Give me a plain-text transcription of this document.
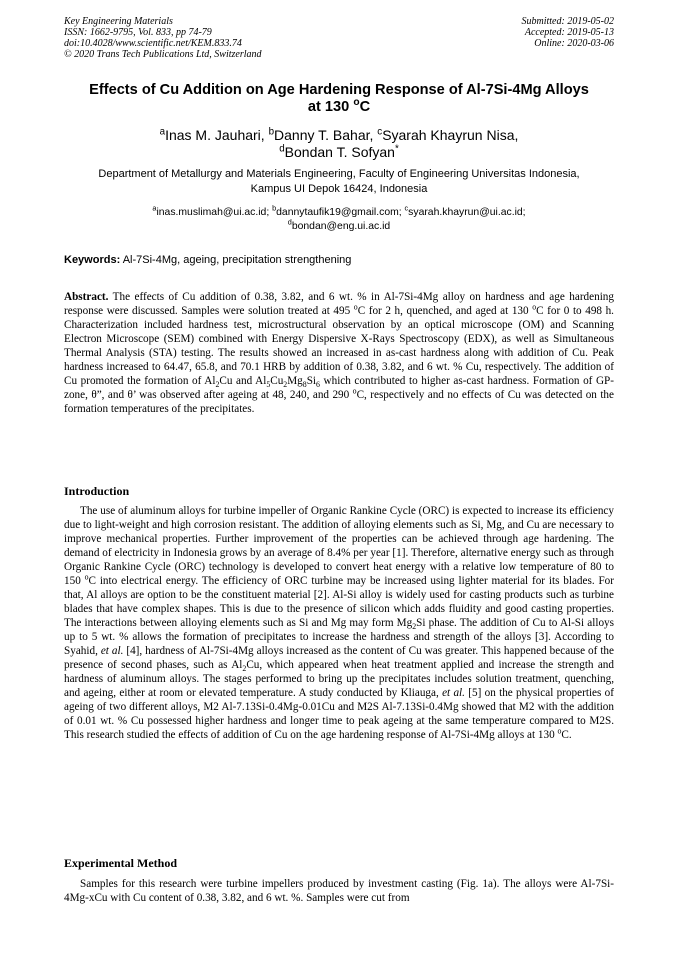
Key Engineering Materials
ISSN: 1662-9795, Vol. 833, pp 74-79
doi:10.4028/www.scientific.net/KEM.833.74
© 2020 Trans Tech Publications Ltd, Switzerland
Submitted: 2019-05-02
Accepted: 2019-05-13
Online: 2020-03-06
Effects of Cu Addition on Age Hardening Response of Al-7Si-4Mg Alloys
at 130 $^o$C
$^a$Inas M. Jauhari, $^b$Danny T. Bahar, $^c$Syarah Khayrun Nisa,
$^d$Bondan T. Sofyan*
Department of Metallurgy and Materials Engineering, Faculty of Engineering Universitas Indonesia,
Kampus UI Depok 16424, Indonesia
$^a$inas.muslimah@ui.ac.id; $^b$dannytaufik19@gmail.com; $^c$syarah.khayrun@ui.ac.id;
$^d$bondan@eng.ui.ac.id
Keywords: Al-7Si-4Mg, ageing, precipitation strengthening
Abstract. The effects of Cu addition of 0.38, 3.82, and 6 wt. % in Al-7Si-4Mg alloy on hardness and age hardening response were discussed. Samples were solution treated at 495 $^o$C for 2 h, quenched, and aged at 130 $^o$C for 0 to 498 h. Characterization included hardness test, microstructural observation by an optical microscope (OM) and Scanning Electron Microscope (SEM) combined with Energy Dispersive X-Rays Spectroscopy (EDX), as well as Simultaneous Thermal Analysis (STA) testing. The results showed an increased in as-cast hardness along with addition of Cu. Peak hardness increased to 64.47, 65.8, and 70.1 HRB by addition of 0.38, 3.82, and 6 wt. % Cu, respectively. The addition of Cu promoted the formation of $Al_2Cu$ and $Al_5Cu_2Mg_8Si_6$ which contributed to higher as-cast hardness. Formation of GP-zone, θ”, and θ’ was observed after ageing at 48, 240, and 290 $^o$C, respectively and no effects of Cu was detected on the formation temperatures of the precipitates.
Introduction
The use of aluminum alloys for turbine impeller of Organic Rankine Cycle (ORC) is expected to increase its efficiency due to light-weight and high corrosion resistant. The addition of alloying elements such as Si, Mg, and Cu are necessary to improve mechanical properties. Further improvement of the properties can be achieved through age hardening. The demand of electricity in Indonesia grows by an average of 8.4% per year [1]. Therefore, alternative energy such as through Organic Rankine Cycle (ORC) technology is developed to convert heat energy with a relative low temperature of 80 to 150 $^o$C into electrical energy. The efficiency of ORC turbine may be increased using lighter material for its blades. For that, Al alloys are option to be the constituent material [2]. Al-Si alloy is widely used for casting products such as turbine blades that have complex shapes. This is due to the presence of silicon which adds fluidity and good casting properties. The interactions between alloying elements such as Si and Mg may form $Mg_2Si$ phase. The addition of Cu to Al-Si alloys up to 5 wt. % allows the formation of precipitates to increase the hardness and strength of the alloys [3]. According to Syahid, et al. [4], hardness of Al-7Si-4Mg alloys increased as the content of Cu was greater. This happened because of the presence of second phases, such as $Al_2Cu$, which appeared when heat treatment applied and increase the strength and hardness of aluminum alloys. The stages performed to bring up the precipitates includes solution treatment, quenching, and ageing, either at room or elevated temperature. A study conducted by Kliauga, et al. [5] on the physical properties of ageing of two different alloys, M2 Al-7.13Si-0.4Mg-0.01Cu and M2S Al-7.13Si-0.4Mg showed that M2 with the addition of 0.01 wt. % Cu possessed higher hardness and longer time to peak ageing at the same temperature compared to M2S. This research studied the effects of addition of Cu on the age hardening response of Al-7Si-4Mg alloys at 130 $^o$C.
Experimental Method
Samples for this research were turbine impellers produced by investment casting (Fig. 1a). The alloys were Al-7Si-4Mg-xCu with Cu content of 0.38, 3.82, and 6 wt. %. Samples were cut from
